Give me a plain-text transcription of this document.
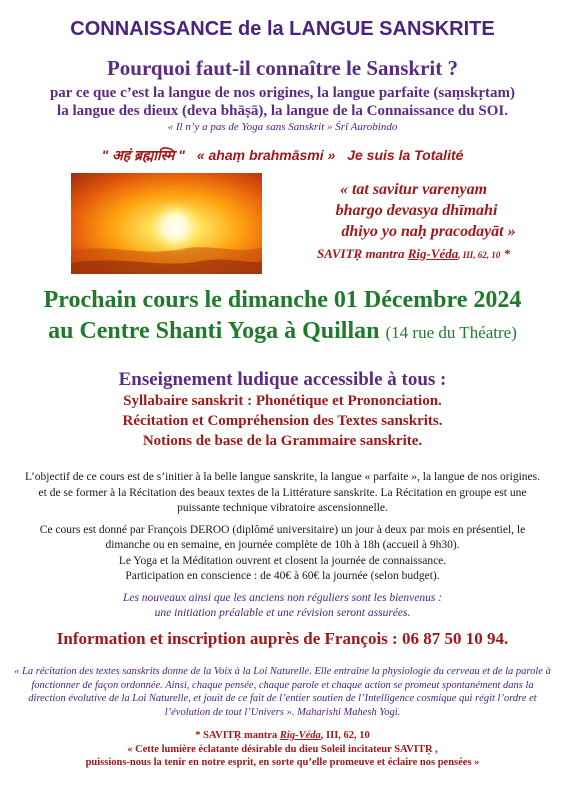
CONNAISSANCE de la LANGUE SANSKRITE
Pourquoi faut-il connaître le Sanskrit ?
par ce que c’est la langue de nos origines, la langue parfaite (saṃskṛtam)
la langue des dieux (deva bhāṣā), la langue de la Connaissance du SOI.
« Il n’y a pas de Yoga sans Sanskrit » Śrī Aurobindo
" अहं ब्रह्मास्मि " « ahaṃ brahmāsmi » Je suis la Totalité
« tat savitur varenyam
bhargo devasya dhīmahi
dhiyo yo naḥ pracodayāt »
SAVITṚ mantra Rig-Véda, III, 62, 10 *
Prochain cours le dimanche 01 Décembre 2024
au Centre Shanti Yoga à Quillan (14 rue du Théatre)
Enseignement ludique accessible à tous :
Syllabaire sanskrit : Phonétique et Prononciation.
Récitation et Compréhension des Textes sanskrits.
Notions de base de la Grammaire sanskrite.

L’objectif de ce cours est de s’initier à la belle langue sanskrite, la langue « parfaite », la langue de nos origines. et de se former à la Récitation des beaux textes de la Littérature sanskrite. La Récitation en groupe est une puissante technique vibratoire ascensionnelle.

Ce cours est donné par François DEROO (diplômé universitaire) un jour à deux par mois en présentiel, le dimanche ou en semaine, en journée complète de 10h à 18h (accueil à 9h30).

Le Yoga et la Méditation ouvrent et closent la journée de connaissance.

Participation en conscience : de 40€ à 60€ la journée (selon budget).

Les nouveaux ainsi que les anciens non réguliers sont les bienvenus :

une initiation préalable et une révision seront assurées.

Information et inscription auprès de François : 06 87 50 10 94.
« La récitation des textes sanskrits donne de la Voix à la Loi Naturelle. Elle entraîne la physiologie du cerveau et de la parole à fonctionner de façon ordonnée. Ainsi, chaque pensée, chaque parole et chaque action se promeut spontanément dans la direction évolutive de la Loi Naturelle, et jouit de ce fait de l’entier soutien de l’Intelligence cosmique qui régit l’ordre et l’évolution de tout l’Univers ». Maharishi Mahesh Yogi.
* SAVITṚ mantra Rig-Véda, III, 62, 10
« Cette lumière éclatante désirable du dieu Soleil incitateur SAVITṚ ,
puissions-nous la tenir en notre esprit, en sorte qu’elle promeuve et éclaire nos pensées »
